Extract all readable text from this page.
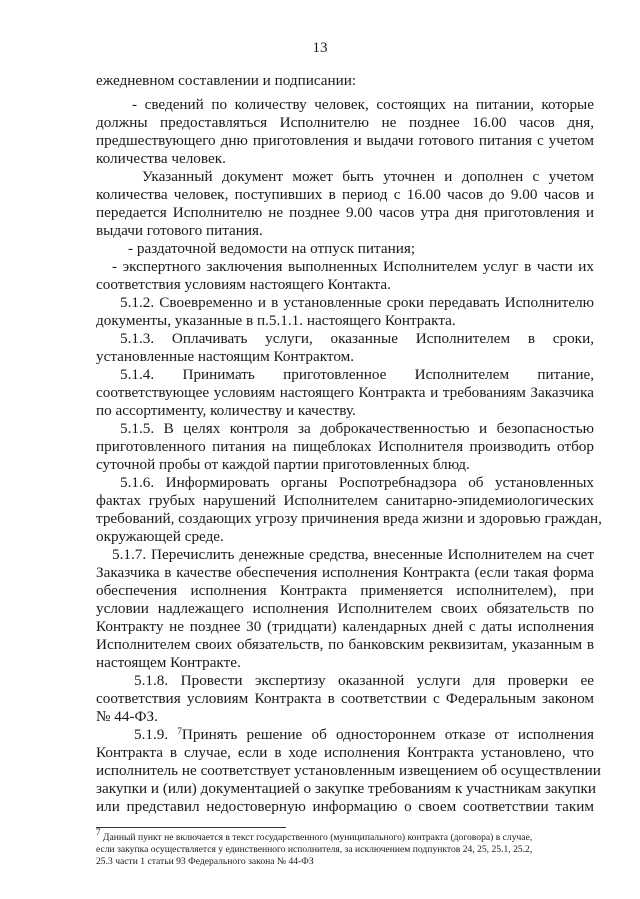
13
ежедневном составлении и подписании:
- сведений по количеству человек, состоящих на питании, которые
должны предоставляться Исполнителю не позднее 16.00 часов дня,
предшествующего дню приготовления и выдачи готового питания с учетом
количества человек.
Указанный документ может быть уточнен и дополнен с учетом
количества человек, поступивших в период с 16.00 часов до 9.00 часов и
передается Исполнителю не позднее 9.00 часов утра дня приготовления и
выдачи готового питания.
- раздаточной ведомости на отпуск питания;
- экспертного заключения выполненных Исполнителем услуг в части их
соответствия условиям настоящего Контакта.
5.1.2. Своевременно и в установленные сроки передавать Исполнителю
документы, указанные в п.5.1.1. настоящего Контракта.
5.1.3. Оплачивать услуги, оказанные Исполнителем в сроки,
установленные настоящим Контрактом.
5.1.4. Принимать приготовленное Исполнителем питание,
соответствующее условиям настоящего Контракта и требованиям Заказчика
по ассортименту, количеству и качеству.
5.1.5. В целях контроля за доброкачественностью и безопасностью
приготовленного питания на пищеблоках Исполнителя производить отбор
суточной пробы от каждой партии приготовленных блюд.
5.1.6. Информировать органы Роспотребнадзора об установленных
фактах грубых нарушений Исполнителем санитарно-эпидемиологических
требований, создающих угрозу причинения вреда жизни и здоровью граждан,
окружающей среде.
5.1.7. Перечислить денежные средства, внесенные Исполнителем на счет
Заказчика в качестве обеспечения исполнения Контракта (если такая форма
обеспечения исполнения Контракта применяется исполнителем), при
условии надлежащего исполнения Исполнителем своих обязательств по
Контракту не позднее 30 (тридцати) календарных дней с даты исполнения
Исполнителем своих обязательств, по банковским реквизитам, указанным в
настоящем Контракте.
5.1.8. Провести экспертизу оказанной услуги для проверки ее
соответствия условиям Контракта в соответствии с Федеральным законом
№ 44-ФЗ.
5.1.9. $^7$Принять решение об одностороннем отказе от исполнения
Контракта в случае, если в ходе исполнения Контракта установлено, что
исполнитель не соответствует установленным извещением об осуществлении
закупки и (или) документацией о закупке требованиям к участникам закупки
или представил недостоверную информацию о своем соответствии таким
$^7$ Данный пункт не включается в текст государственного (муниципального) контракта (договора) в случае,
если закупка осуществляется у единственного исполнителя, за исключением подпунктов 24, 25, 25.1, 25.2,
25.3 части 1 статьи 93 Федерального закона № 44-ФЗ
